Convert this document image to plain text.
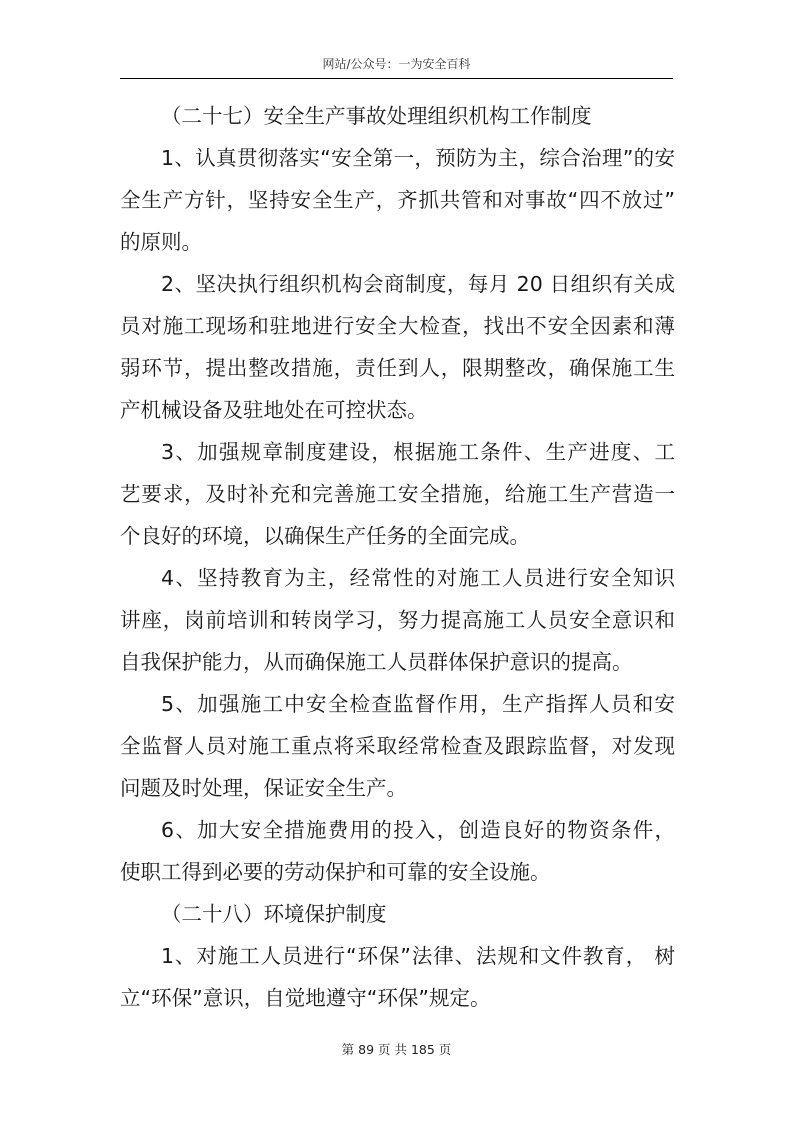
网站/公众号：一为安全百科
（二十七）安全生产事故处理组织机构工作制度
1、认真贯彻落实“安全第一，预防为主，综合治理”的安
全生产方针，坚持安全生产，齐抓共管和对事故“四不放过”
的原则。
2、坚决执行组织机构会商制度，每月 20 日组织有关成
员对施工现场和驻地进行安全大检查，找出不安全因素和薄
弱环节，提出整改措施，责任到人，限期整改，确保施工生
产机械设备及驻地处在可控状态。
3、加强规章制度建设，根据施工条件、生产进度、工
艺要求，及时补充和完善施工安全措施，给施工生产营造一
个良好的环境，以确保生产任务的全面完成。
4、坚持教育为主，经常性的对施工人员进行安全知识
讲座，岗前培训和转岗学习，努力提高施工人员安全意识和
自我保护能力，从而确保施工人员群体保护意识的提高。
5、加强施工中安全检查监督作用，生产指挥人员和安
全监督人员对施工重点将采取经常检查及跟踪监督，对发现
问题及时处理，保证安全生产。
6、加大安全措施费用的投入，创造良好的物资条件，
使职工得到必要的劳动保护和可靠的安全设施。
（二十八）环境保护制度
1、对施工人员进行“环保”法律、法规和文件教育， 树
立“环保”意识，自觉地遵守“环保”规定。
第 89 页 共 185 页
